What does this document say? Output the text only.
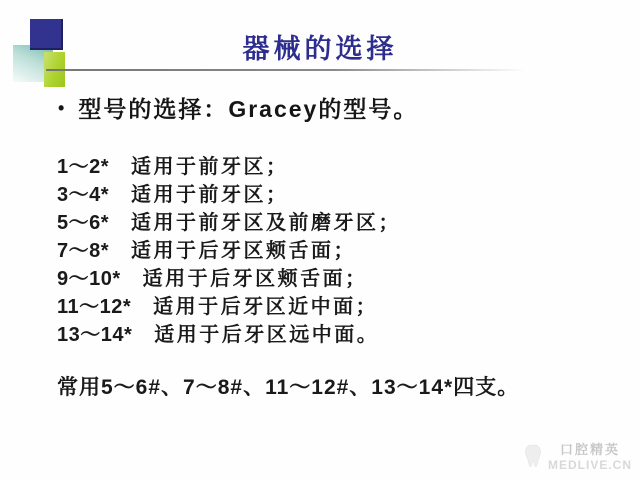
器械的选择
• 型号的选择：Gracey的型号。
1～2* 适用于前牙区；
3～4* 适用于前牙区；
5～6* 适用于前牙区及前磨牙区；
7～8* 适用于后牙区颊舌面；
9～10* 适用于后牙区颊舌面；
11～12* 适用于后牙区近中面；
13～14* 适用于后牙区远中面。
常用5～6#、7～8#、11～12#、13～14*四支。
口腔精英
MEDLIVE.CN
